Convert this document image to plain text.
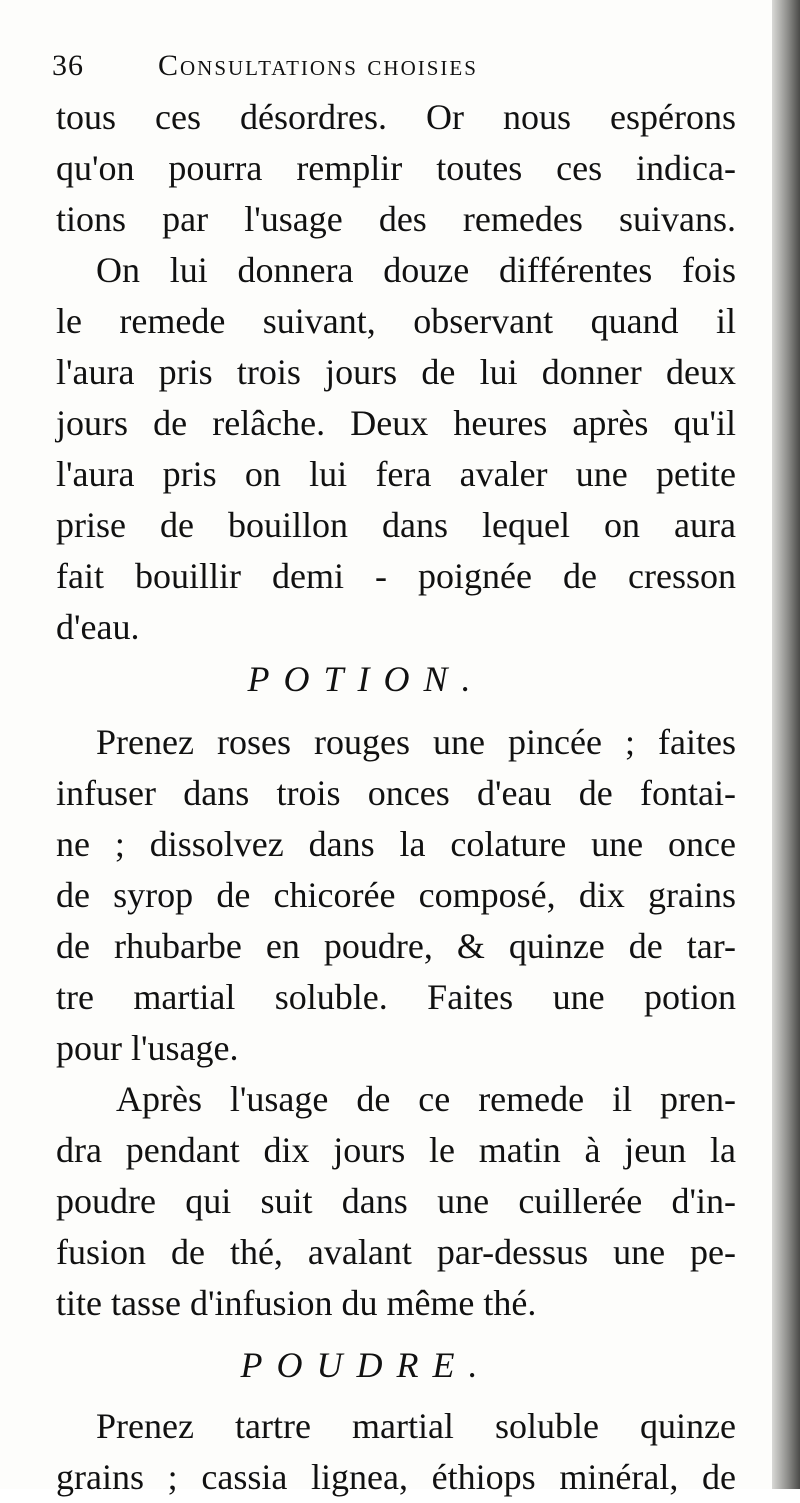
36 Consultations choisies
tous ces désordres. Or nous espérons
qu'on pourra remplir toutes ces indica-
tions par l'usage des remedes suivans.
On lui donnera douze différentes fois
le remede suivant, observant quand il
l'aura pris trois jours de lui donner deux
jours de relâche. Deux heures après qu'il
l'aura pris on lui fera avaler une petite
prise de bouillon dans lequel on aura
fait bouillir demi - poignée de cresson
d'eau.
POTION.
Prenez roses rouges une pincée ; faites
infuser dans trois onces d'eau de fontai-
ne ; dissolvez dans la colature une once
de syrop de chicorée composé, dix grains
de rhubarbe en poudre, & quinze de tar-
tre martial soluble. Faites une potion
pour l'usage.
Après l'usage de ce remede il pren-
dra pendant dix jours le matin à jeun la
poudre qui suit dans une cuillerée d'in-
fusion de thé, avalant par-dessus une pe-
tite tasse d'infusion du même thé.
POUDRE.
Prenez tartre martial soluble quinze
grains ; cassia lignea, éthiops minéral, de
